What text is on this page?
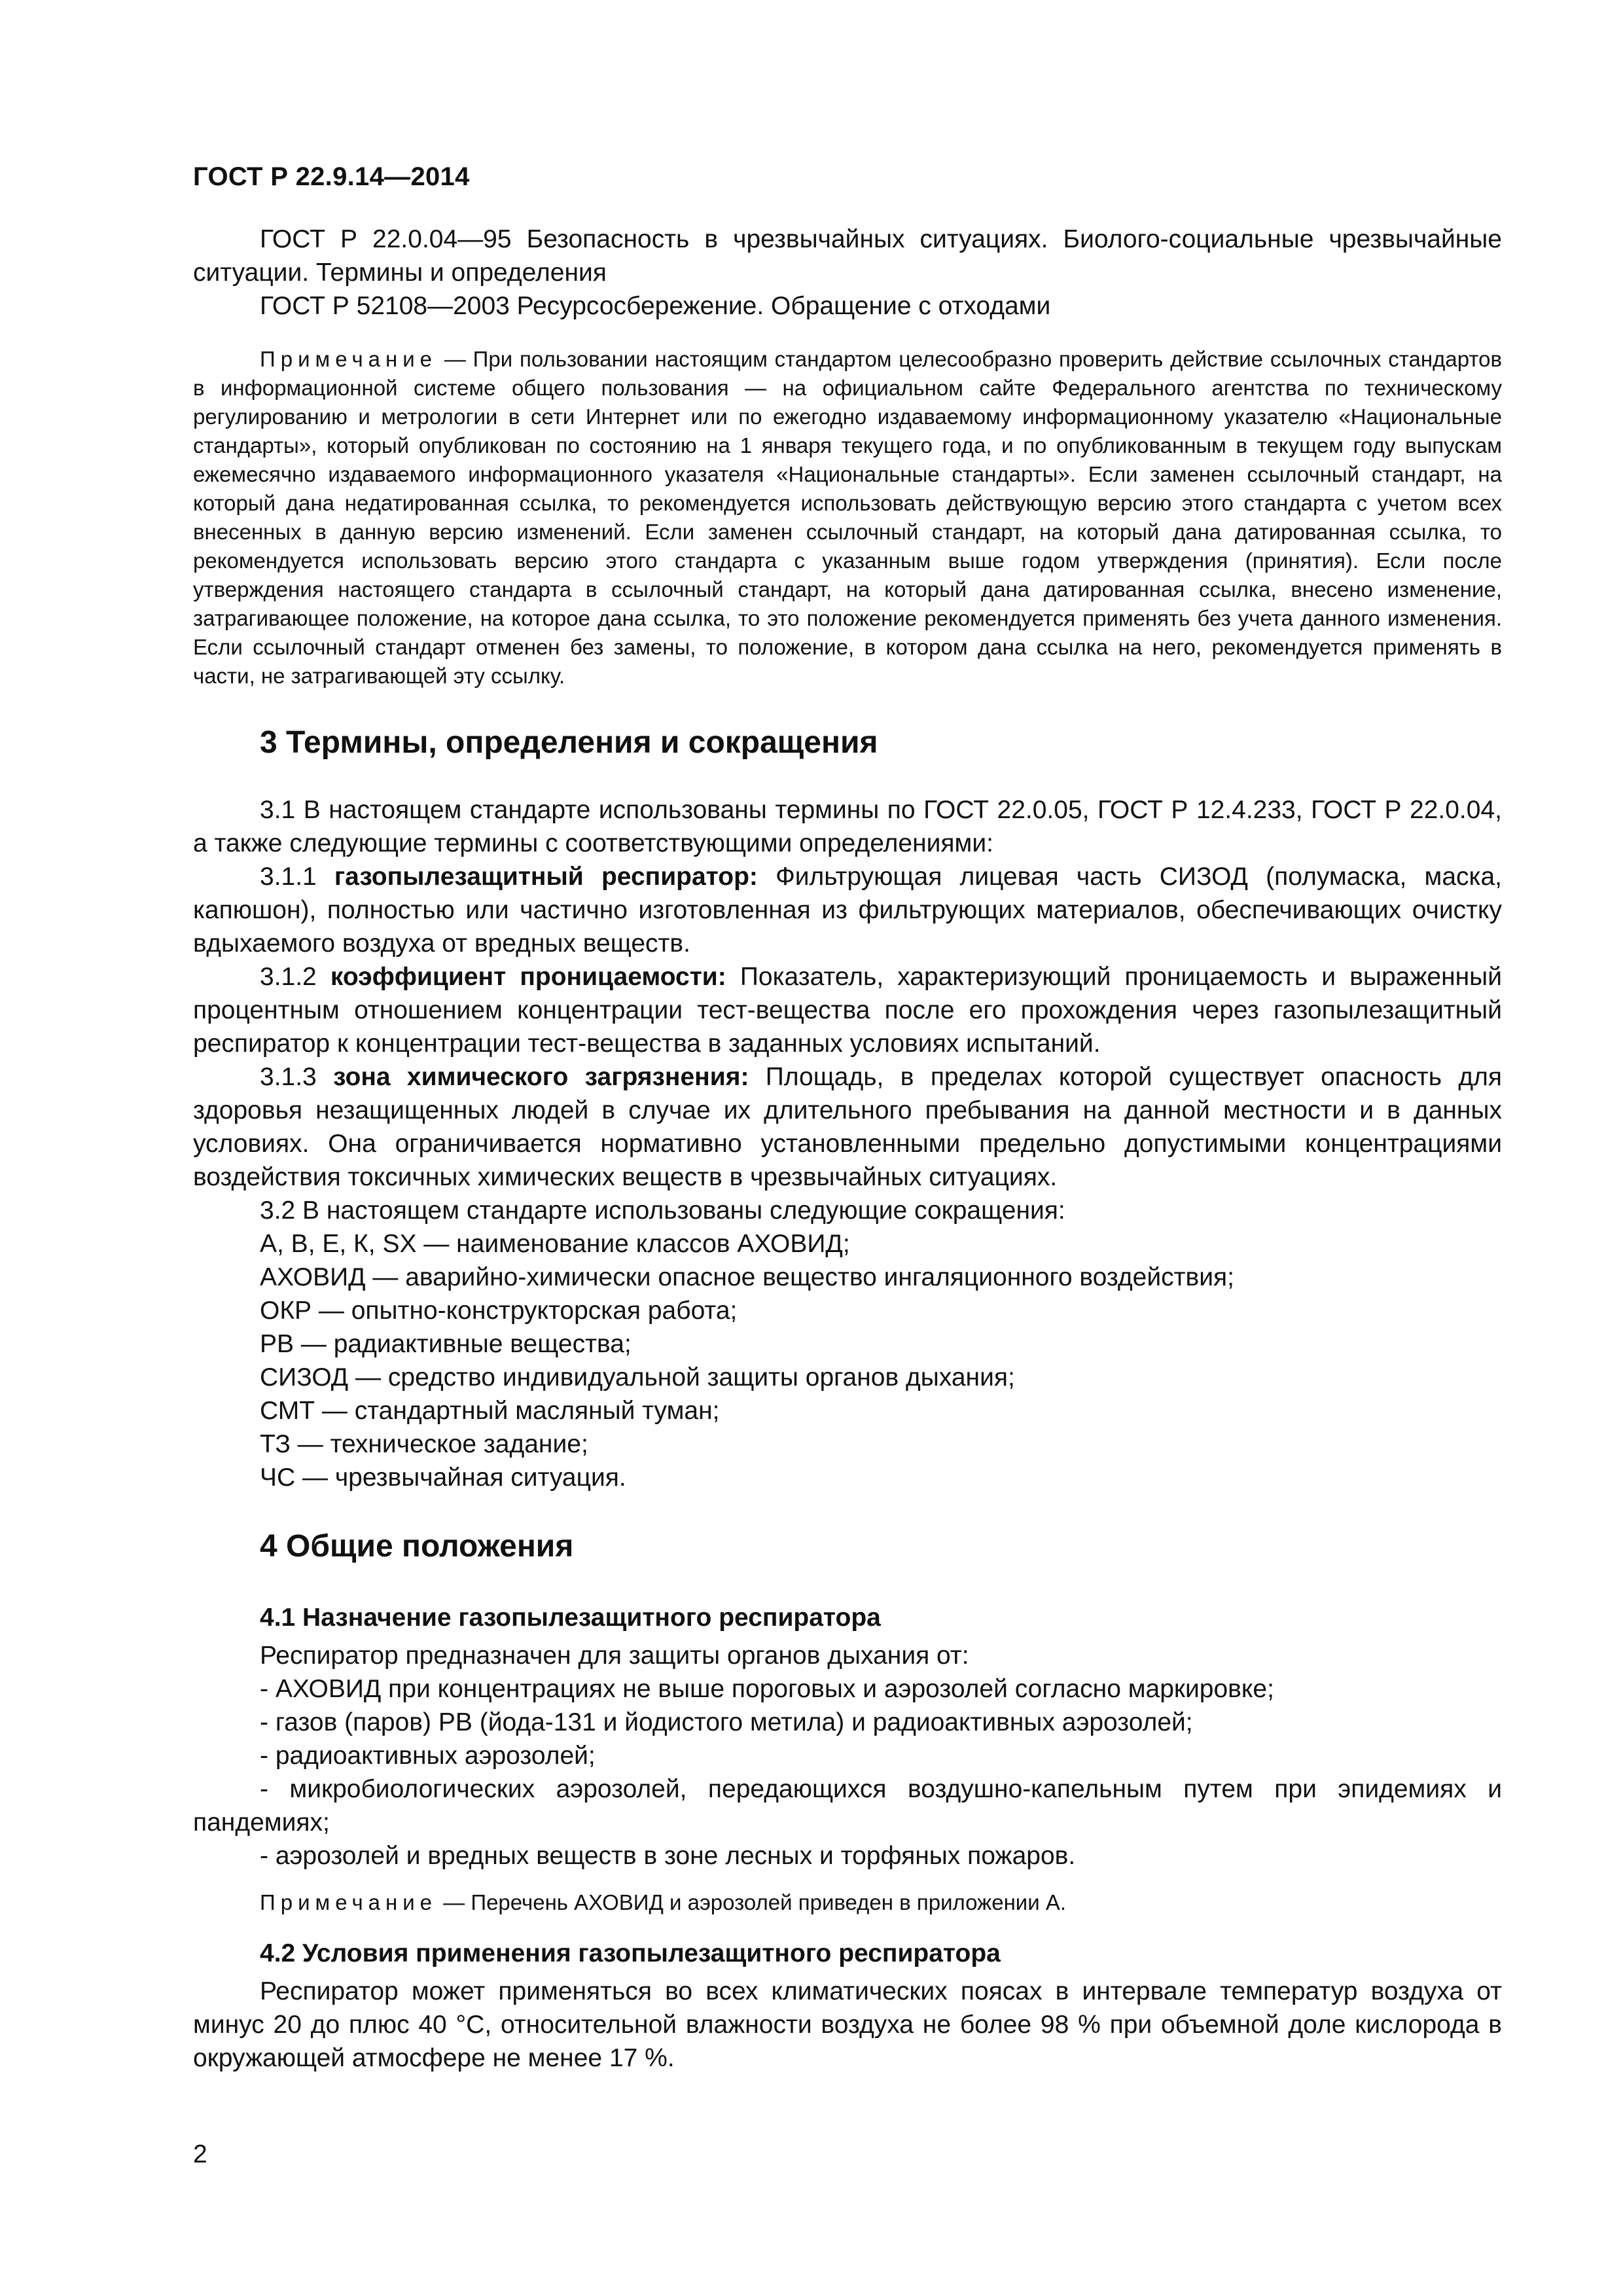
ГОСТ Р 22.9.14—2014

ГОСТ Р 22.0.04—95 Безопасность в чрезвычайных ситуациях. Биолого-социальные чрезвычайные ситуации. Термины и определения

ГОСТ Р 52108—2003 Ресурсосбережение. Обращение с отходами

Примечание — При пользовании настоящим стандартом целесообразно проверить действие ссылочных стандартов в информационной системе общего пользования — на официальном сайте Федерального агентства по техническому регулированию и метрологии в сети Интернет или по ежегодно издаваемому информационному указателю «Национальные стандарты», который опубликован по состоянию на 1 января текущего года, и по опубликованным в текущем году выпускам ежемесячно издаваемого информационного указателя «Национальные стандарты». Если заменен ссылочный стандарт, на который дана недатированная ссылка, то рекомендуется использовать действующую версию этого стандарта с учетом всех внесенных в данную версию изменений. Если заменен ссылочный стандарт, на который дана датированная ссылка, то рекомендуется использовать версию этого стандарта с указанным выше годом утверждения (принятия). Если после утверждения настоящего стандарта в ссылочный стандарт, на который дана датированная ссылка, внесено изменение, затрагивающее положение, на которое дана ссылка, то это положение рекомендуется применять без учета данного изменения. Если ссылочный стандарт отменен без замены, то положение, в котором дана ссылка на него, рекомендуется применять в части, не затрагивающей эту ссылку.

3 Термины, определения и сокращения

3.1 В настоящем стандарте использованы термины по ГОСТ 22.0.05, ГОСТ Р 12.4.233, ГОСТ Р 22.0.04, а также следующие термины с соответствующими определениями:

3.1.1 газопылезащитный респиратор: Фильтрующая лицевая часть СИЗОД (полумаска, маска, капюшон), полностью или частично изготовленная из фильтрующих материалов, обеспечивающих очистку вдыхаемого воздуха от вредных веществ.

3.1.2 коэффициент проницаемости: Показатель, характеризующий проницаемость и выраженный процентным отношением концентрации тест-вещества после его прохождения через газопылезащитный респиратор к концентрации тест-вещества в заданных условиях испытаний.

3.1.3 зона химического загрязнения: Площадь, в пределах которой существует опасность для здоровья незащищенных людей в случае их длительного пребывания на данной местности и в данных условиях. Она ограничивается нормативно установленными предельно допустимыми концентрациями воздействия токсичных химических веществ в чрезвычайных ситуациях.

3.2 В настоящем стандарте использованы следующие сокращения:

А, В, Е, К, SX — наименование классов АХОВИД;
АХОВИД — аварийно-химически опасное вещество ингаляционного воздействия;
ОКР — опытно-конструкторская работа;
РВ — радиактивные вещества;
СИЗОД — средство индивидуальной защиты органов дыхания;
СМТ — стандартный масляный туман;
ТЗ — техническое задание;
ЧС — чрезвычайная ситуация.
4 Общие положения
4.1 Назначение газопылезащитного респиратора

Респиратор предназначен для защиты органов дыхания от:

- АХОВИД при концентрациях не выше пороговых и аэрозолей согласно маркировке;
- газов (паров) РВ (йода-131 и йодистого метила) и радиоактивных аэрозолей;
- радиоактивных аэрозолей;
- микробиологических аэрозолей, передающихся воздушно-капельным путем при эпидемиях и пандемиях;
- аэрозолей и вредных веществ в зоне лесных и торфяных пожаров.

Примечание — Перечень АХОВИД и аэрозолей приведен в приложении А.

4.2 Условия применения газопылезащитного респиратора

Респиратор может применяться во всех климатических поясах в интервале температур воздуха от минус 20 до плюс 40 °С, относительной влажности воздуха не более 98 % при объемной доле кислорода в окружающей атмосфере не менее 17 %.

2
